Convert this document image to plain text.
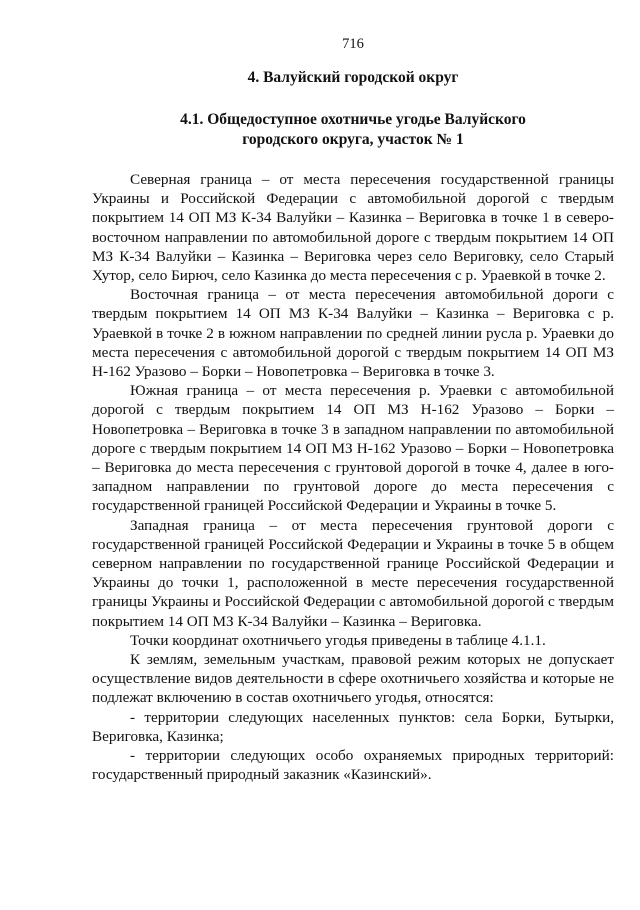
716

4. Валуйский городской округ
4.1. Общедоступное охотничье угодье Валуйского
городского округа, участок № 1

Северная граница – от места пересечения государственной границы Украины и Российской Федерации с автомобильной дорогой с твердым покрытием 14 ОП МЗ К-34 Валуйки – Казинка – Вериговка в точке 1 в северо-восточном направлении по автомобильной дороге с твердым покрытием 14 ОП МЗ К-34 Валуйки – Казинка – Вериговка через село Вериговку, село Старый Хутор, село Бирюч, село Казинка до места пересечения с р. Ураевкой в точке 2.

Восточная граница – от места пересечения автомобильной дороги с твердым покрытием 14 ОП МЗ К-34 Валуйки – Казинка – Вериговка с р. Ураевкой в точке 2 в южном направлении по средней линии русла р. Ураевки до места пересечения с автомобильной дорогой с твердым покрытием 14 ОП МЗ Н-162 Уразово – Борки – Новопетровка – Вериговка в точке 3.

Южная граница – от места пересечения р. Ураевки с автомобильной дорогой с твердым покрытием 14 ОП МЗ Н-162 Уразово – Борки – Новопетровка – Вериговка в точке 3 в западном направлении по автомобильной дороге с твердым покрытием 14 ОП МЗ Н-162 Уразово – Борки – Новопетровка – Вериговка до места пересечения с грунтовой дорогой в точке 4, далее в юго-западном направлении по грунтовой дороге до места пересечения с государственной границей Российской Федерации и Украины в точке 5.

Западная граница – от места пересечения грунтовой дороги с государственной границей Российской Федерации и Украины в точке 5 в общем северном направлении по государственной границе Российской Федерации и Украины до точки 1, расположенной в месте пересечения государственной границы Украины и Российской Федерации с автомобильной дорогой с твердым покрытием 14 ОП МЗ К-34 Валуйки – Казинка – Вериговка.

Точки координат охотничьего угодья приведены в таблице 4.1.1.

К землям, земельным участкам, правовой режим которых не допускает осуществление видов деятельности в сфере охотничьего хозяйства и которые не подлежат включению в состав охотничьего угодья, относятся:

- территории следующих населенных пунктов: села Борки, Бутырки, Вериговка, Казинка;

- территории следующих особо охраняемых природных территорий: государственный природный заказник «Казинский».
